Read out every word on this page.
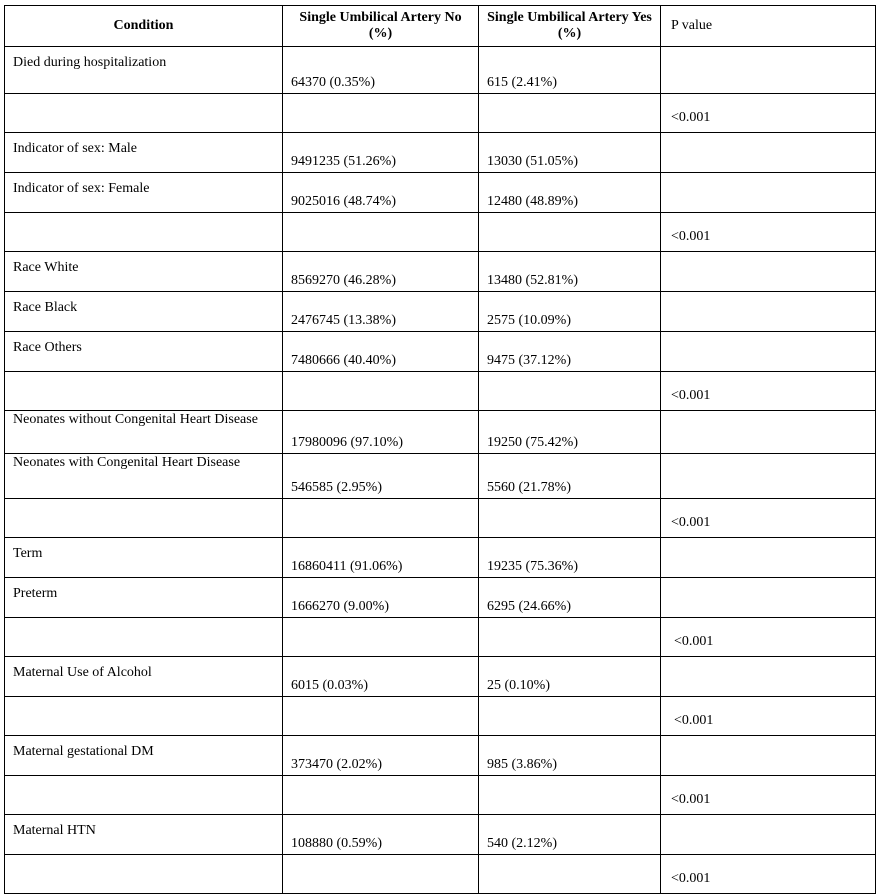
Condition	Single Umbilical Artery No (%)	Single Umbilical Artery Yes (%)	P value
Died during hospitalization	64370 (0.35%)	615 (2.41%)	
			<0.001
Indicator of sex: Male	9491235 (51.26%)	13030 (51.05%)	
Indicator of sex: Female	9025016 (48.74%)	12480 (48.89%)	
			<0.001
Race White	8569270 (46.28%)	13480 (52.81%)	
Race Black	2476745 (13.38%)	2575 (10.09%)	
Race Others	7480666 (40.40%)	9475 (37.12%)	
			<0.001
Neonates without Congenital Heart Disease	17980096 (97.10%)	19250 (75.42%)	
Neonates with Congenital Heart Disease	546585 (2.95%)	5560 (21.78%)	
			<0.001
Term	16860411 (91.06%)	19235 (75.36%)	
Preterm	1666270 (9.00%)	6295 (24.66%)	
			<0.001
Maternal Use of Alcohol	6015 (0.03%)	25 (0.10%)	
			<0.001
Maternal gestational DM	373470 (2.02%)	985 (3.86%)	
			<0.001
Maternal HTN	108880 (0.59%)	540 (2.12%)	
			<0.001
